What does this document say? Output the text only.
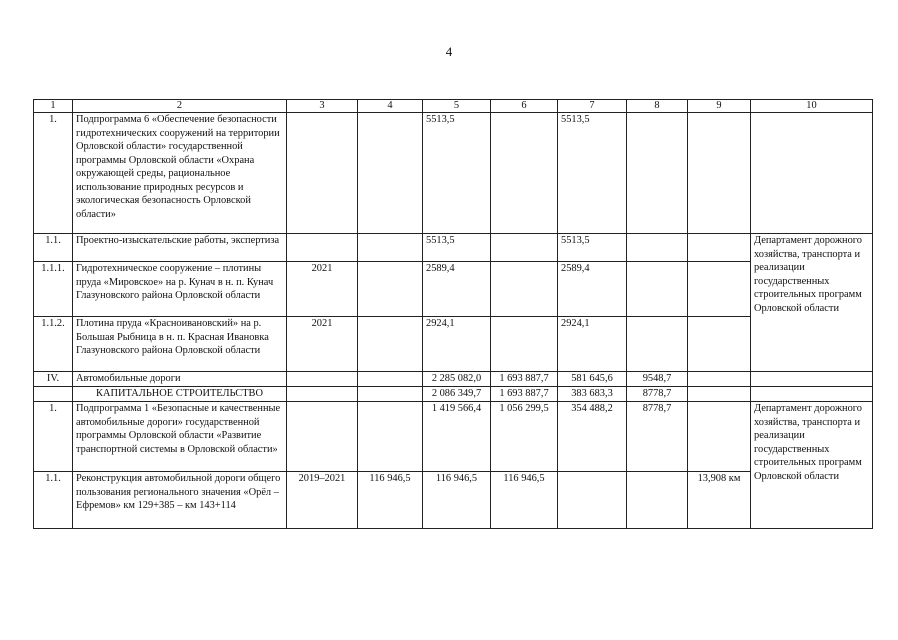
4
1	2	3	4	5	6	7	8	9	10
1.	Подпрограмма 6 «Обеспечение безопасности гидротехнических сооружений на территории Орловской области» государственной программы Орловской области «Охрана окружающей среды, рациональное использование природных ресурсов и экологическая безопасность Орловской области»			5513,5		5513,5			
1.1.	Проектно-изыскательские работы, экспертиза			5513,5		5513,5			Департамент дорожного хозяйства, транспорта и реализации государственных строительных программ Орловской области
1.1.1.	Гидротехническое сооружение – плотины пруда «Мировское» на р. Кунач в н. п. Кунач Глазуновского района Орловской области	2021		2589,4		2589,4			
1.1.2.	Плотина пруда «Красноивановский» на р. Большая Рыбница в н. п. Красная Ивановка Глазуновского района Орловской области	2021		2924,1		2924,1			
IV.	Автомобильные дороги			2 285 082,0	1 693 887,7	581 645,6	9548,7		
	КАПИТАЛЬНОЕ СТРОИТЕЛЬСТВО			2 086 349,7	1 693 887,7	383 683,3	8778,7		
1.	Подпрограмма 1 «Безопасные и качественные автомобильные дороги» государственной программы Орловской области «Развитие транспортной системы в Орловской области»			1 419 566,4	1 056 299,5	354 488,2	8778,7		Департамент дорожного хозяйства, транспорта и реализации государственных строительных программ Орловской области
1.1.	Реконструкция автомобильной дороги общего пользования регионального значения «Орёл – Ефремов» км 129+385 – км 143+114	2019–2021	116 946,5	116 946,5	116 946,5			13,908 км	
